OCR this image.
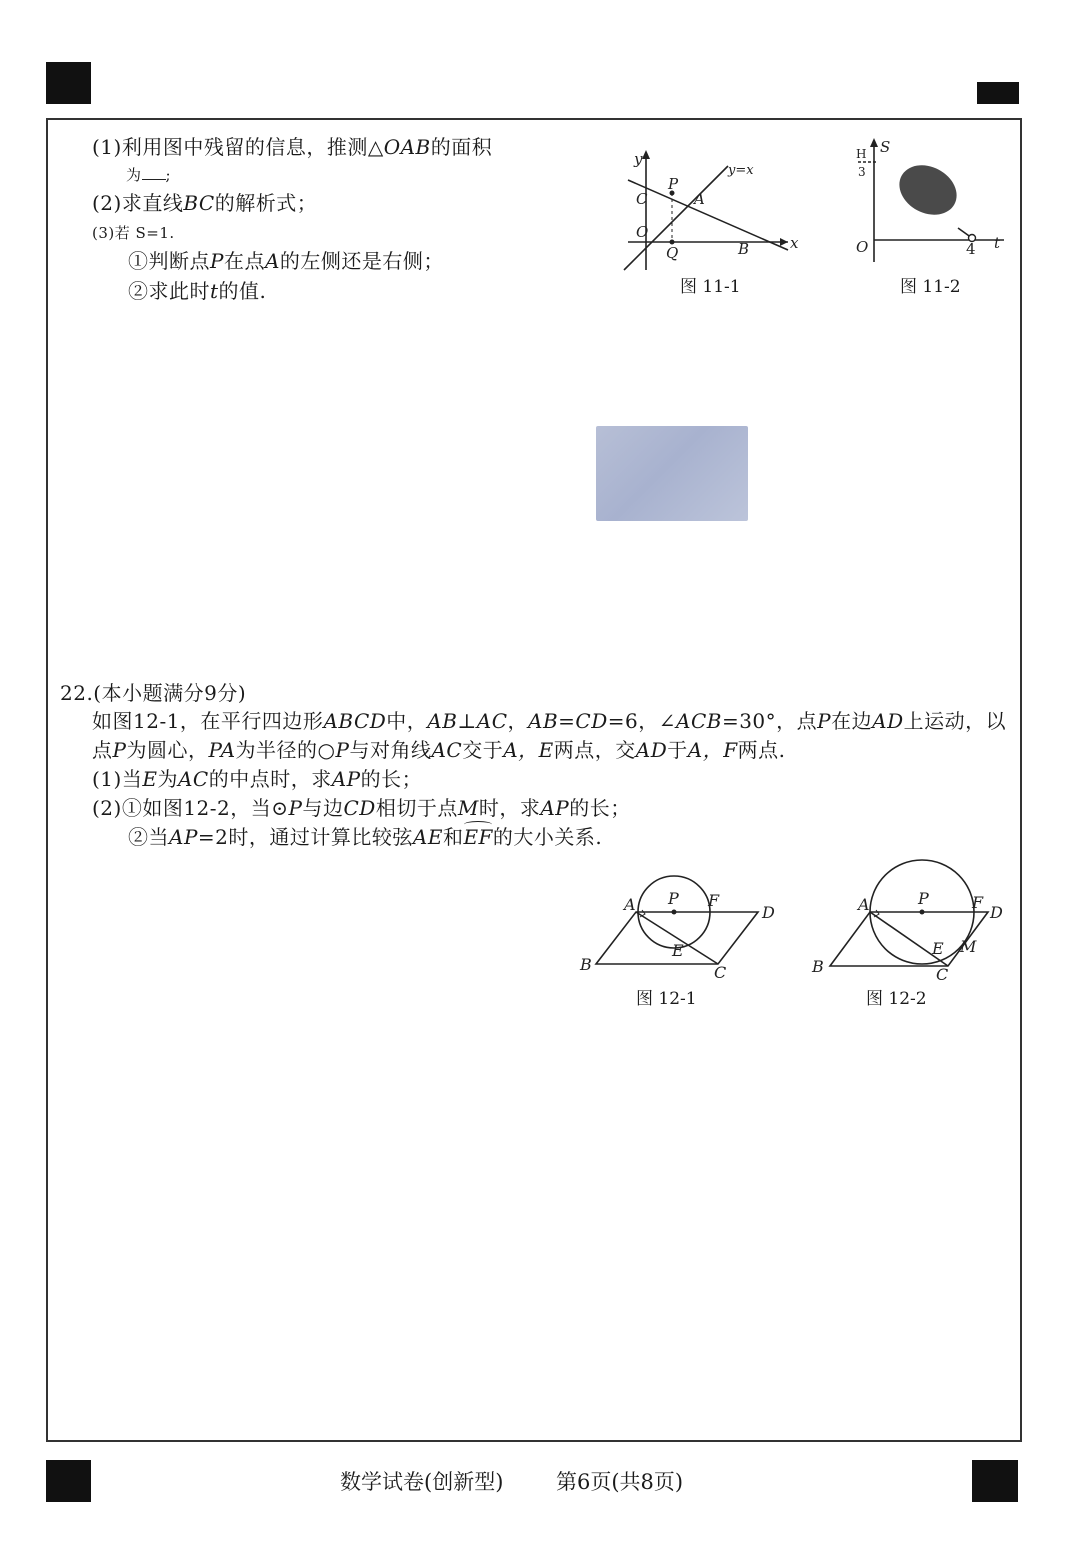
(1)利用图中残留的信息，推测△OAB的面积
为 ;
(2)求直线BC的解析式；
(3)若 S=1.
①判断点P在点A的左侧还是右侧；
②求此时t的值.
y
x
y=x
C
P
A
O
Q	B
图 11-1
H
3
S
O	4 t
图 11-2
22.(本小题满分9分)
如图12-1，在平行四边形ABCD中，AB⊥AC，AB=CD=6，∠ACB=30°，点P在边AD上运动，以
点P为圆心，PA为半径的○P与对角线AC交于A，E两点，交AD于A，F两点.
(1)当E为AC的中点时，求AP的长；
(2)①如图12-2，当⊙P与边CD相切于点M时，求AP的长；
②当AP=2时，通过计算比较弦AE和EF的大小关系.
A P F
D
B
E
C
图 12-1
A	P	F
D
B
E
C
M
图 12-2
数学试卷(创新型)	第6页(共8页)
